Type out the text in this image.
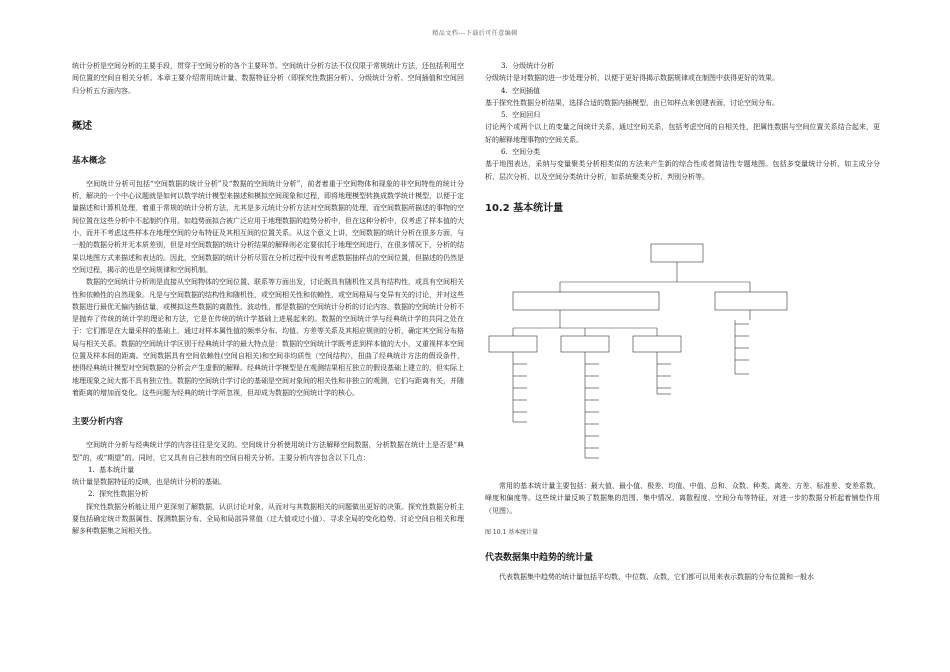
精品文档---下载后可任意编辑

统计分析是空间分析的主要手段，贯穿于空间分析的各个主要环节。空间统计分析方法不仅仅限于常规统计方法，还包括利用空间位置的空间自相关分析。本章主要介绍常用统计量、数据特征分析（即探究性数据分析）、分级统计分析、空间插值和空间回归分析五方面内容。

概述
基本概念

空间统计分析可包括“空间数据的统计分析”及“数据的空间统计分析”，前者着重于空间物体和现象的非空间特性的统计分析，解决的一个中心议题就是如何以数学统计模型来描述和模拟空间现象和过程，即将地理模型转换成数学统计模型，以便于定量描述和计算机处理，着重于常规的统计分析方法，尤其是多元统计分析方法对空间数据的处理，而空间数据所描述的事物的空间位置在这些分析中不起制约作用。如趋势面拟合被广泛应用于地理数据的趋势分析中，但在这种分析中，仅考虑了样本值的大小，而并不考虑这些样本在地理空间的分布特征及其相互间的位置关系。从这个意义上讲，空间数据的统计分析在很多方面，与一般的数据分析并无本质差别，但是对空间数据的统计分析结果的解释则必定要依托于地理空间进行，在很多情况下，分析的结果以地图方式来描述和表达的。因此，空间数据的统计分析尽管在分析过程中没有考虑数据抽样点的空间位置，但描述的仍然是空间过程，揭示的也是空间规律和空间机制。

数据的空间统计分析则是直接从空间物体的空间位置、联系等方面出发，讨论既具有随机性又具有结构性，或具有空间相关性和依赖性的自然现象。凡是与空间数据的结构性和随机性，或空间相关性和依赖性，或空间格局与变异有关的讨论，并对这些数据进行最优无偏内插估量，或模拟这些数据的离散性、波动性，都是数据的空间统计分析的讨论内容。数据的空间统计分析不是抛弃了传统的统计学的理论和方法，它是在传统的统计学基础上进展起来的。数据的空间统计学与经典统计学的共同之处在于：它们都是在大量采样的基础上，通过对样本属性值的频率分布、均值、方差等关系及其相应规则的分析，确定其空间分布格局与相关关系。数据的空间统计学区别于经典统计学的最大特点是：数据的空间统计学既考虑到样本值的大小，又重视样本空间位置及样本间的距离。空间数据具有空间依赖性(空间自相关)和空间非均质性（空间结构），扭曲了经典统计方法的假设条件，使得经典统计模型对空间数据的分析会产生虚假的解释。经典统计学模型是在观测结果相互独立的假设基础上建立的，但实际上地理现象之间大都不具有独立性。数据的空间统计学讨论的基础是空间对象间的相关性和非独立的观测，它们与距离有关，并随着距离的增加而变化。这些问题为经典的统计学所忽视，但却成为数据的空间统计学的核心。

主要分析内容

空间统计分析与经典统计学的内容往往是交叉的。空间统计分析使用统计方法解释空间数据，分析数据在统计上是否是“典型”的，或“期望”的。同时，它又具有自己独有的空间自相关分析。主要分析内容包含以下几点：

1. 基本统计量

统计量是数据特征的反映，也是统计分析的基础。

2. 探究性数据分析

探究性数据分析能让用户更深刻了解数据，认识讨论对象，从而对与其数据相关的问题做出更好的决策。探究性数据分析主要包括确定统计数据属性、探测数据分布、全局和局部异常值（过大值或过小值）、寻求全局的变化趋势、讨论空间自相关和理解多种数据集之间相关性。

3. 分级统计分析

分级统计是对数据的进一步处理分析，以便于更好得揭示数据规律或在制图中获得更好的效果。

4. 空间插值

基于探究性数据分析结果，选择合适的数据内插模型，由已知样点来创建表面，讨论空间分布。

5. 空间回归

讨论两个或两个以上的变量之间统计关系，通过空间关系，包括考虑空间的自相关性，把属性数据与空间位置关系结合起来，更好的解释地理事物的空间关系。

6. 空间分类

基于地图表达，采纳与变量聚类分析相类似的方法来产生新的综合性或者简洁性专题地图。包括多变量统计分析，如主成分分析、层次分析，以及空间分类统计分析，如系统聚类分析、判别分析等。

10.2 基本统计量

常用的基本统计量主要包括：最大值、最小值、极差、均值、中值、总和、众数、种类、离差、方差、标准差、变差系数、峰度和偏度等。这些统计量反映了数据集的范围、集中情况、离散程度、空间分布等特征，对进一步的数据分析起着铺垫作用（见图）。

图 10.1 基本统计量
代表数据集中趋势的统计量

代表数据集中趋势的统计量包括平均数、中位数、众数，它们都可以用来表示数据的分布位置和一般水
